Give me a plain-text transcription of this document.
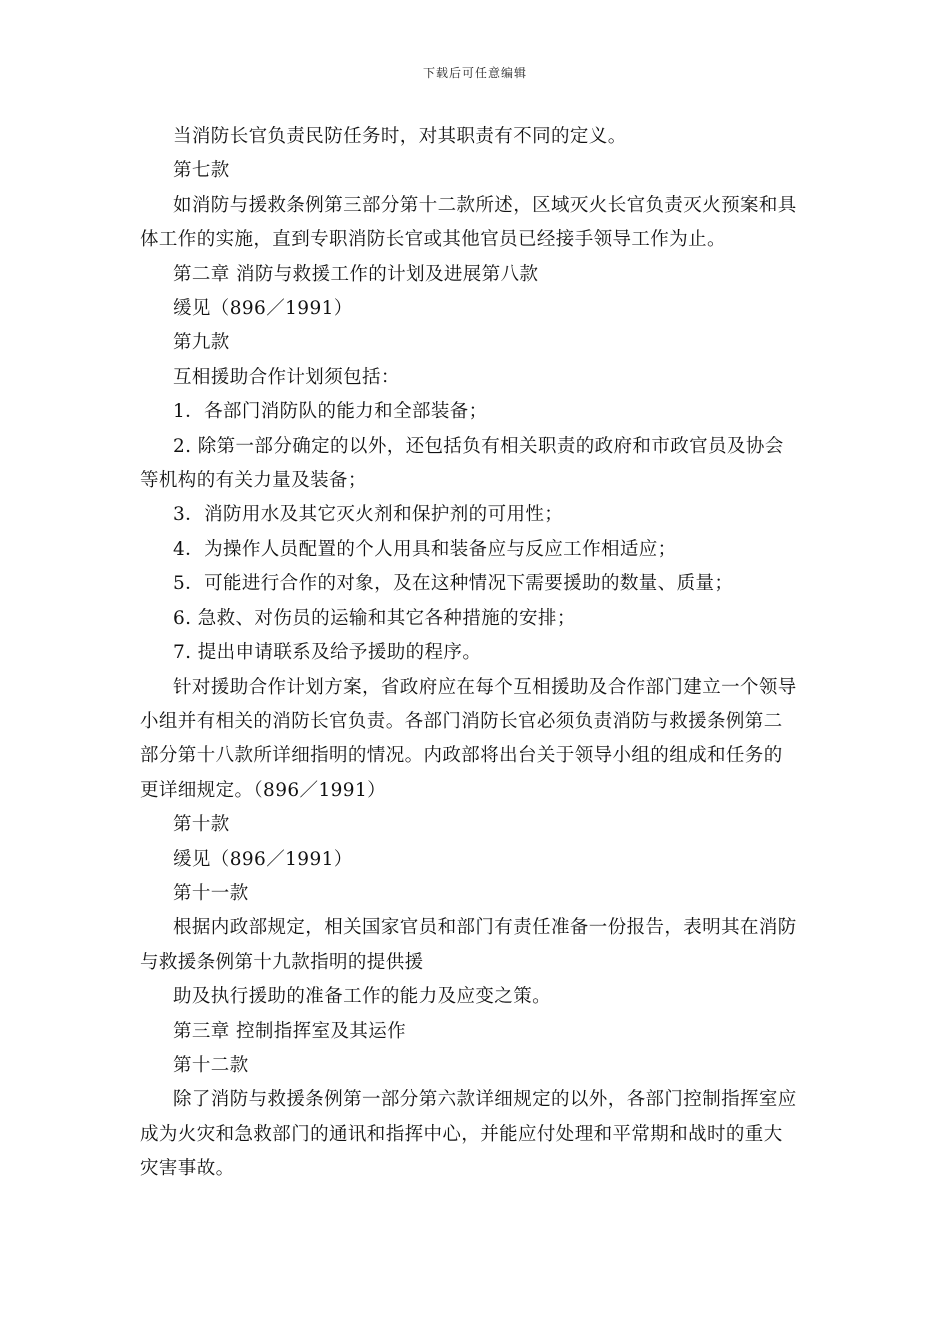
下载后可任意编辑
当消防长官负责民防任务时，对其职责有不同的定义。
第七款
如消防与援救条例第三部分第十二款所述，区域灭火长官负责灭火预案和具
体工作的实施，直到专职消防长官或其他官员已经接手领导工作为止。
第二章 消防与救援工作的计划及进展第八款
缓见（896／1991）
第九款
互相援助合作计划须包括：
1．各部门消防队的能力和全部装备；
2. 除第一部分确定的以外，还包括负有相关职责的政府和市政官员及协会
等机构的有关力量及装备；
3．消防用水及其它灭火剂和保护剂的可用性；
4．为操作人员配置的个人用具和装备应与反应工作相适应；
5．可能进行合作的对象，及在这种情况下需要援助的数量、质量；
6. 急救、对伤员的运输和其它各种措施的安排；
7. 提出申请联系及给予援助的程序。
针对援助合作计划方案，省政府应在每个互相援助及合作部门建立一个领导
小组并有相关的消防长官负责。各部门消防长官必须负责消防与救援条例第二
部分第十八款所详细指明的情况。内政部将出台关于领导小组的组成和任务的
更详细规定。（896／1991）
第十款
缓见（896／1991）
第十一款
根据内政部规定，相关国家官员和部门有责任准备一份报告，表明其在消防
与救援条例第十九款指明的提供援
助及执行援助的准备工作的能力及应变之策。
第三章 控制指挥室及其运作
第十二款
除了消防与救援条例第一部分第六款详细规定的以外，各部门控制指挥室应
成为火灾和急救部门的通讯和指挥中心，并能应付处理和平常期和战时的重大
灾害事故。
